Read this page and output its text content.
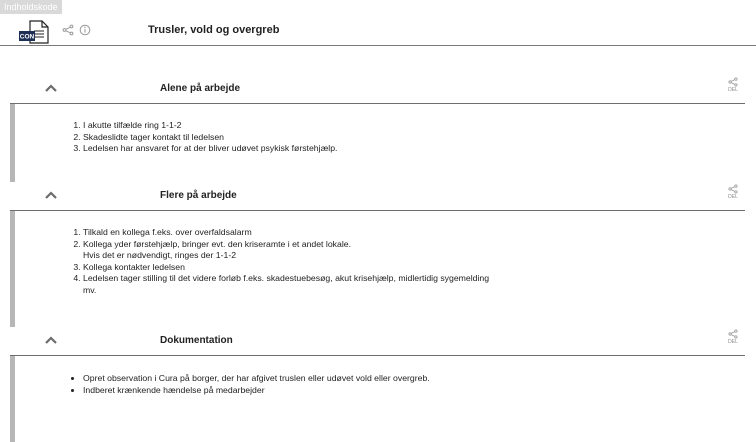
Indholdskode
CON
Trusler, vold og overgreb
Alene på arbejde	DEL
1. I akutte tilfælde ring 1-1-2
2. Skadeslidte tager kontakt til ledelsen
3. Ledelsen har ansvaret for at der bliver udøvet psykisk førstehjælp.
Flere på arbejde	DEL
1. Tilkald en kollega f.eks. over overfaldsalarm
2. Kollega yder førstehjælp, bringer evt. den kriseramte i et andet lokale.
Hvis det er nødvendigt, ringes der 1-1-2
3. Kollega kontakter ledelsen
4. Ledelsen tager stilling til det videre forløb f.eks. skadestuebesøg, akut krisehjælp, midlertidig sygemelding
mv.
Dokumentation	DEL
• Opret observation i Cura på borger, der har afgivet truslen eller udøvet vold eller overgreb.
• Indberet krænkende hændelse på medarbejder
